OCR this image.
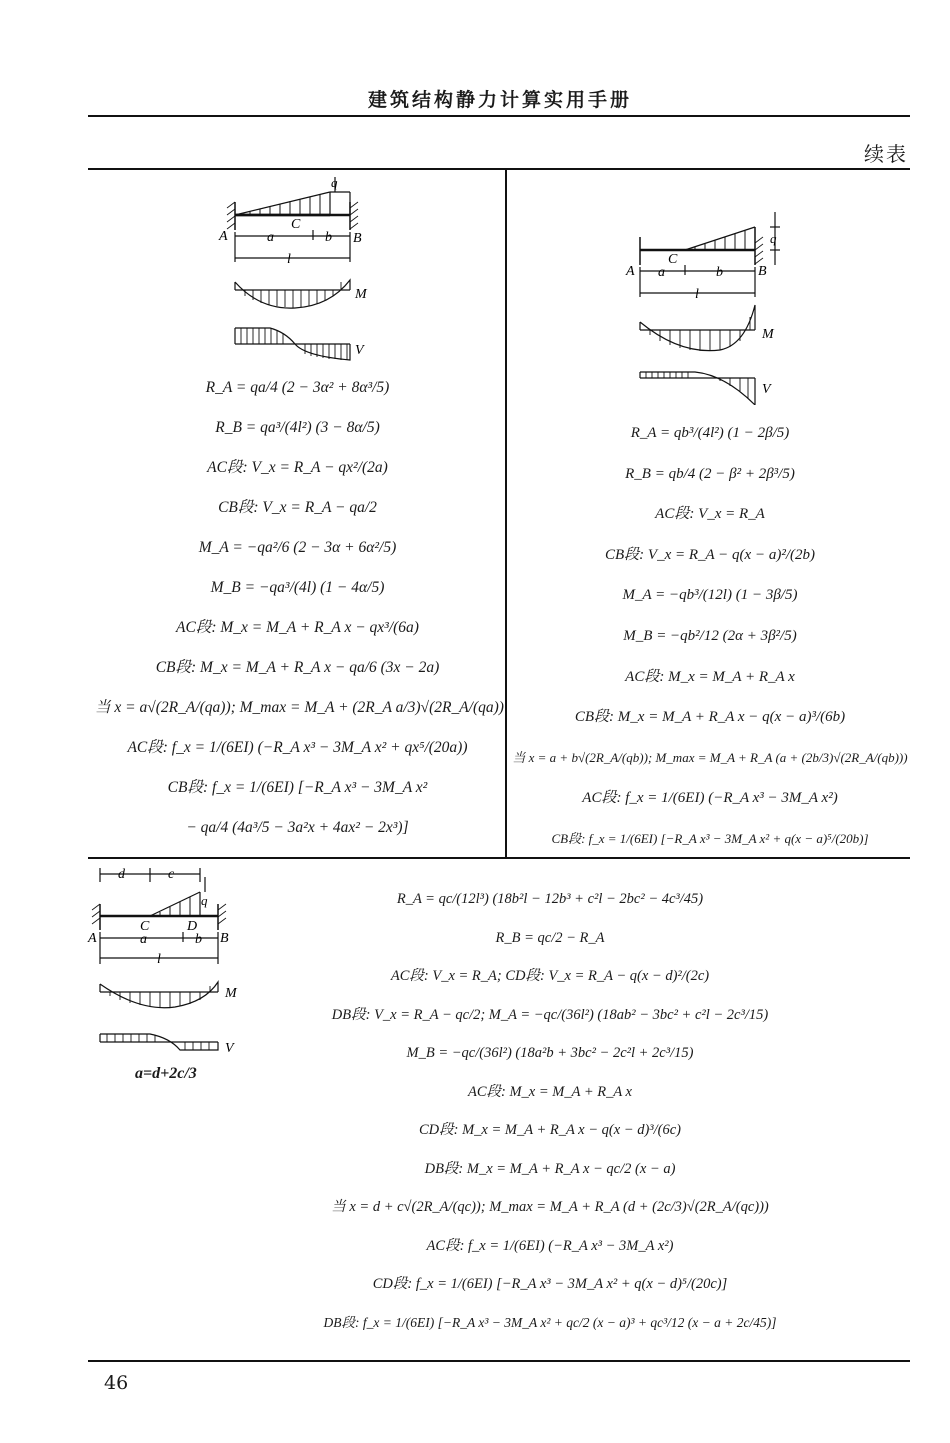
建筑结构静力计算实用手册
续表
q
A	B
C
a	b
l
M
V
R_A = qa/4 (2 − 3α² + 8α³/5)
R_B = qa³/(4l²) (3 − 8α/5)
AC段: V_x = R_A − qx²/(2a)
CB段: V_x = R_A − qa/2
M_A = −qa²/6 (2 − 3α + 6α²/5)
M_B = −qa³/(4l) (1 − 4α/5)
AC段: M_x = M_A + R_A x − qx³/(6a)
CB段: M_x = M_A + R_A x − qa/6 (3x − 2a)
当 x = a√(2R_A/(qa)); M_max = M_A + (2R_A a/3)√(2R_A/(qa))
AC段: f_x = 1/(6EI) (−R_A x³ − 3M_A x² + qx⁵/(20a))
CB段: f_x = 1/(6EI) [−R_A x³ − 3M_A x²
− qa/4 (4a³/5 − 3a²x + 4ax² − 2x³)]
q
A	B
C
a	b
l
M
V
R_A = qb³/(4l²) (1 − 2β/5)
R_B = qb/4 (2 − β² + 2β³/5)
AC段: V_x = R_A
CB段: V_x = R_A − q(x − a)²/(2b)
M_A = −qb³/(12l) (1 − 3β/5)
M_B = −qb²/12 (2α + 3β²/5)
AC段: M_x = M_A + R_A x
CB段: M_x = M_A + R_A x − q(x − a)³/(6b)
当 x = a + b√(2R_A/(qb)); M_max = M_A + R_A (a + (2b/3)√(2R_A/(qb)))
AC段: f_x = 1/(6EI) (−R_A x³ − 3M_A x²)
CB段: f_x = 1/(6EI) [−R_A x³ − 3M_A x² + q(x − a)⁵/(20b)]
d	c
q
A	B
C	D
a	b
l
M
V
a=d+2c/3
R_A = qc/(12l³) (18b²l − 12b³ + c²l − 2bc² − 4c³/45)
R_B = qc/2 − R_A
AC段: V_x = R_A; CD段: V_x = R_A − q(x − d)²/(2c)
DB段: V_x = R_A − qc/2; M_A = −qc/(36l²) (18ab² − 3bc² + c²l − 2c³/15)
M_B = −qc/(36l²) (18a²b + 3bc² − 2c²l + 2c³/15)
AC段: M_x = M_A + R_A x
CD段: M_x = M_A + R_A x − q(x − d)³/(6c)
DB段: M_x = M_A + R_A x − qc/2 (x − a)
当 x = d + c√(2R_A/(qc)); M_max = M_A + R_A (d + (2c/3)√(2R_A/(qc)))
AC段: f_x = 1/(6EI) (−R_A x³ − 3M_A x²)
CD段: f_x = 1/(6EI) [−R_A x³ − 3M_A x² + q(x − d)⁵/(20c)]
DB段: f_x = 1/(6EI) [−R_A x³ − 3M_A x² + qc/2 (x − a)³ + qc³/12 (x − a + 2c/45)]
46
